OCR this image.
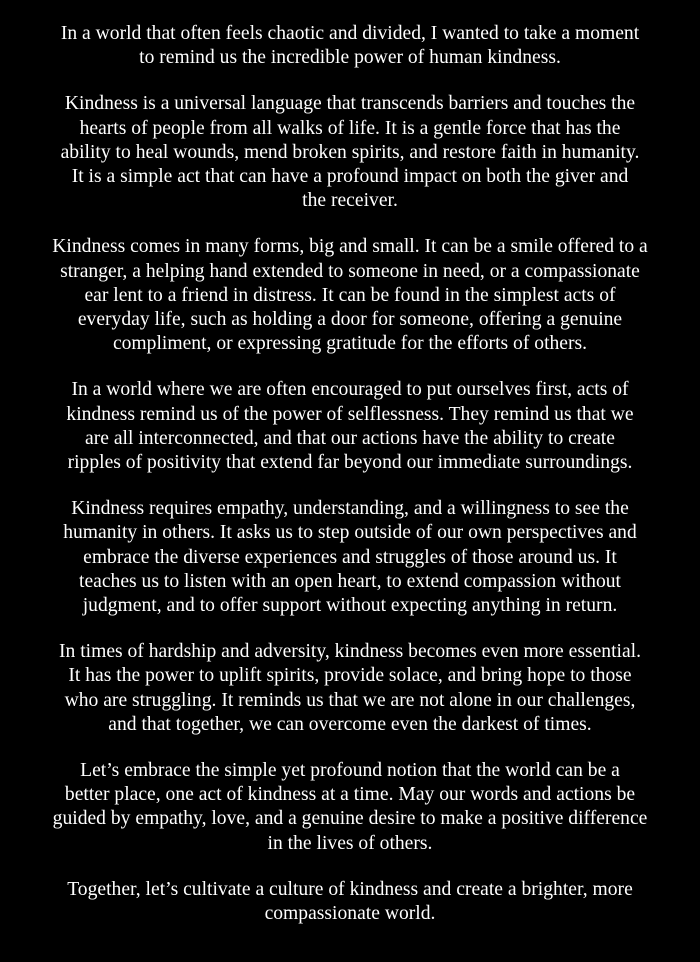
In a world that often feels chaotic and divided, I wanted to take a moment
to remind us the incredible power of human kindness.

Kindness is a universal language that transcends barriers and touches the
hearts of people from all walks of life. It is a gentle force that has the
ability to heal wounds, mend broken spirits, and restore faith in humanity.
It is a simple act that can have a profound impact on both the giver and
the receiver.

Kindness comes in many forms, big and small. It can be a smile offered to a
stranger, a helping hand extended to someone in need, or a compassionate
ear lent to a friend in distress. It can be found in the simplest acts of
everyday life, such as holding a door for someone, offering a genuine
compliment, or expressing gratitude for the efforts of others.

In a world where we are often encouraged to put ourselves first, acts of
kindness remind us of the power of selflessness. They remind us that we
are all interconnected, and that our actions have the ability to create
ripples of positivity that extend far beyond our immediate surroundings.

Kindness requires empathy, understanding, and a willingness to see the
humanity in others. It asks us to step outside of our own perspectives and
embrace the diverse experiences and struggles of those around us. It
teaches us to listen with an open heart, to extend compassion without
judgment, and to offer support without expecting anything in return.

In times of hardship and adversity, kindness becomes even more essential.
It has the power to uplift spirits, provide solace, and bring hope to those
who are struggling. It reminds us that we are not alone in our challenges,
and that together, we can overcome even the darkest of times.

Let’s embrace the simple yet profound notion that the world can be a
better place, one act of kindness at a time. May our words and actions be
guided by empathy, love, and a genuine desire to make a positive difference
in the lives of others.

Together, let’s cultivate a culture of kindness and create a brighter, more
compassionate world.
